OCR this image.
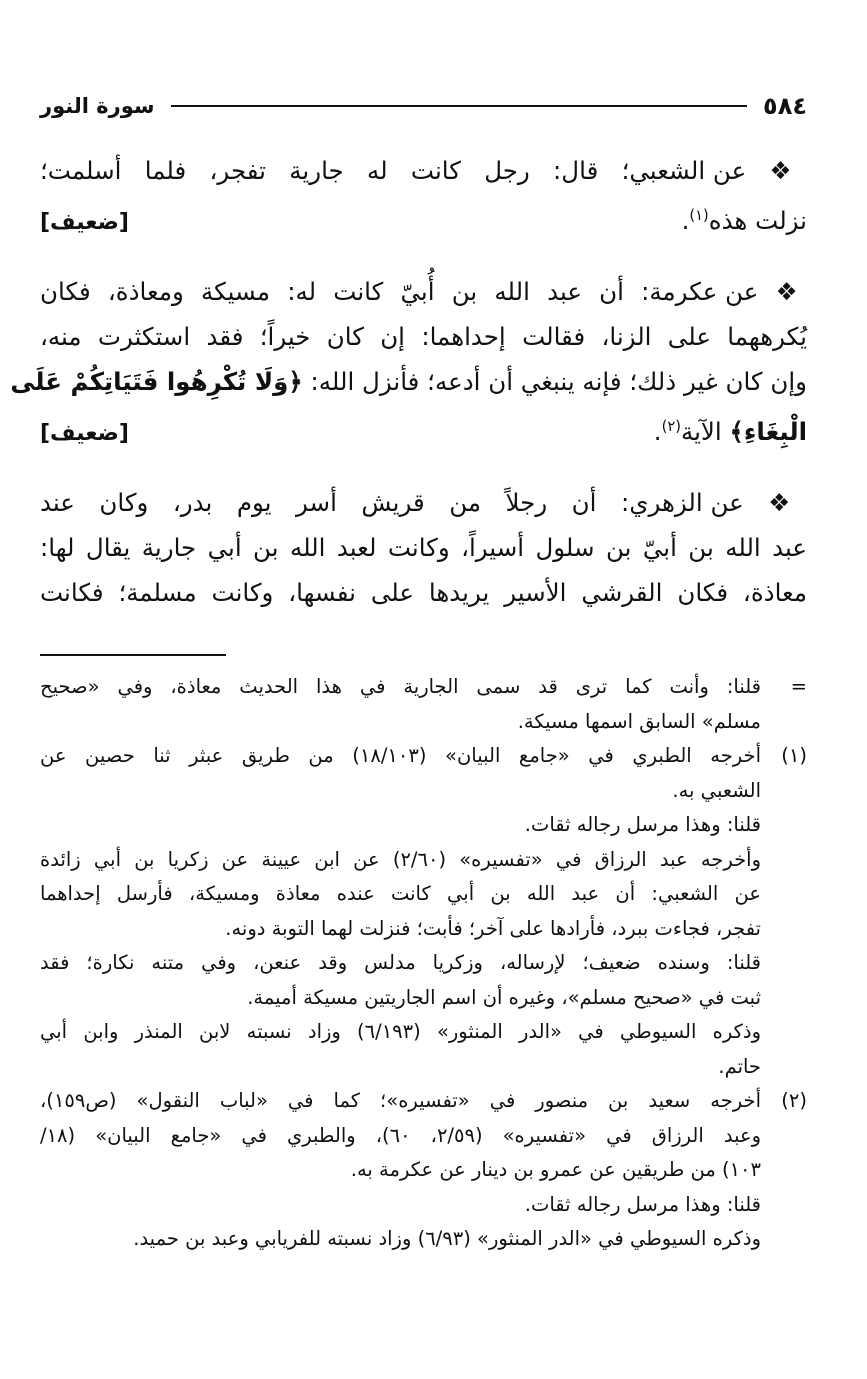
٥٨٤
سورة النور
❖ عن الشعبي؛ قال: رجل كانت له جارية تفجر، فلما أسلمت؛
نزلت هذه$^{(١)}$.
[ضعيف]
❖ عن عكرمة: أن عبد الله بن أُبيّ كانت له: مسيكة ومعاذة، فكان
يُكرههما على الزنا، فقالت إحداهما: إن كان خيراً؛ فقد استكثرت منه،
وإن كان غير ذلك؛ فإنه ينبغي أن أدعه؛ فأنزل الله: ﴿وَلَا تُكْرِهُوا فَتَيَاتِكُمْ عَلَى
الْبِغَاءِ﴾ الآية$^{(٢)}$.
[ضعيف]
❖ عن الزهري: أن رجلاً من قريش أسر يوم بدر، وكان عند
عبد الله بن أبيّ بن سلول أسيراً، وكانت لعبد الله بن أبي جارية يقال لها:
معاذة، فكان القرشي الأسير يريدها على نفسها، وكانت مسلمة؛ فكانت
=
قلنا: وأنت كما ترى قد سمى الجارية في هذا الحديث معاذة، وفي «صحيح
مسلم» السابق اسمها مسيكة.
(١)
أخرجه الطبري في «جامع البيان» (١٨/١٠٣) من طريق عبثر ثنا حصين عن
الشعبي به.
قلنا: وهذا مرسل رجاله ثقات.
وأخرجه عبد الرزاق في «تفسيره» (٢/٦٠) عن ابن عيينة عن زكريا بن أبي زائدة
عن الشعبي: أن عبد الله بن أبي كانت عنده معاذة ومسيكة، فأرسل إحداهما
تفجر، فجاءت ببرد، فأرادها على آخر؛ فأبت؛ فنزلت لهما التوبة دونه.
قلنا: وسنده ضعيف؛ لإرساله، وزكريا مدلس وقد عنعن، وفي متنه نكارة؛ فقد
ثبت في «صحيح مسلم»، وغيره أن اسم الجاريتين مسيكة أميمة.
وذكره السيوطي في «الدر المنثور» (٦/١٩٣) وزاد نسبته لابن المنذر وابن أبي
حاتم.
(٢)
أخرجه سعيد بن منصور في «تفسيره»؛ كما في «لباب النقول» (ص١٥٩)،
وعبد الرزاق في «تفسيره» (٢/٥٩، ٦٠)، والطبري في «جامع البيان» (١٨/
١٠٣) من طريقين عن عمرو بن دينار عن عكرمة به.
قلنا: وهذا مرسل رجاله ثقات.
وذكره السيوطي في «الدر المنثور» (٦/٩٣) وزاد نسبته للفريابي وعبد بن حميد.
